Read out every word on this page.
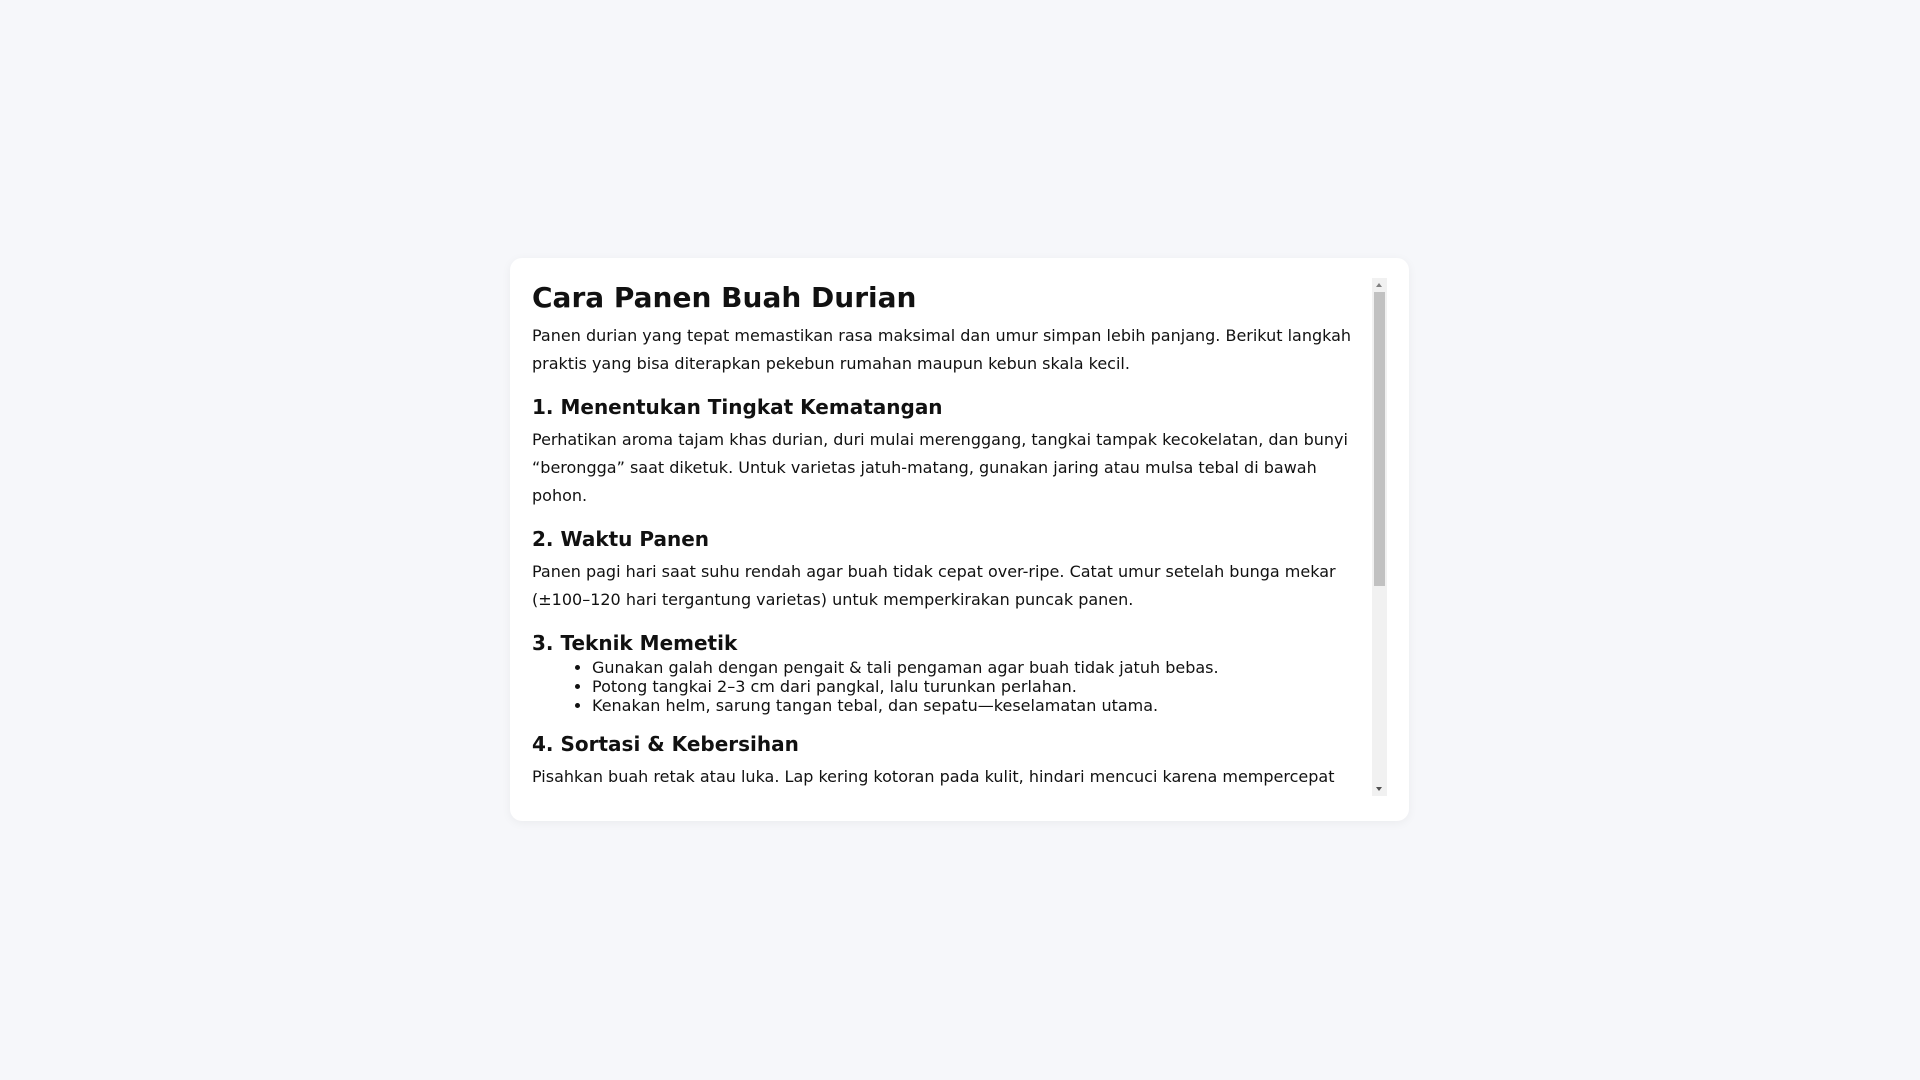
Cara Panen Buah Durian

Panen durian yang tepat memastikan rasa maksimal dan umur simpan lebih panjang. Berikut langkah praktis yang bisa diterapkan pekebun rumahan maupun kebun skala kecil.

1. Menentukan Tingkat Kematangan

Perhatikan aroma tajam khas durian, duri mulai merenggang, tangkai tampak kecokelatan, dan bunyi “berongga” saat diketuk. Untuk varietas jatuh-matang, gunakan jaring atau mulsa tebal di bawah pohon.

2. Waktu Panen

Panen pagi hari saat suhu rendah agar buah tidak cepat over-ripe. Catat umur setelah bunga mekar (±100–120 hari tergantung varietas) untuk memperkirakan puncak panen.

3. Teknik Memetik
• Gunakan galah dengan pengait & tali pengaman agar buah tidak jatuh bebas.
• Potong tangkai 2–3 cm dari pangkal, lalu turunkan perlahan.
• Kenakan helm, sarung tangan tebal, dan sepatu—keselamatan utama.
4. Sortasi & Kebersihan

Pisahkan buah retak atau luka. Lap kering kotoran pada kulit, hindari mencuci karena mempercepat
